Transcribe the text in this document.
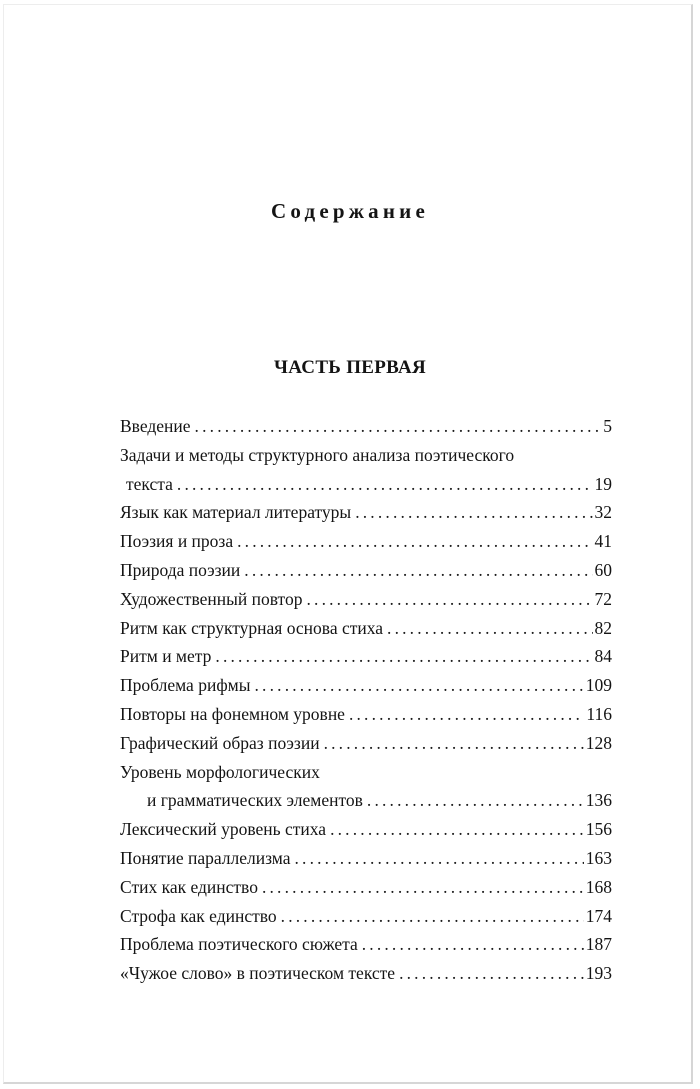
Содержание
ЧАСТЬ ПЕРВАЯ
Введение . . .	5
Задачи и методы структурного анализа поэтического
текста . . .	19
Язык как материал литературы . . .	32
Поэзия и проза . . .	41
Природа поэзии . . .	60
Художественный повтор . . .	72
Ритм как структурная основа стиха . . .	82
Ритм и метр . . .	84
Проблема рифмы . . .	109
Повторы на фонемном уровне . . .	116
Графический образ поэзии . . .	128
Уровень морфологических
и грамматических элементов . . .	136
Лексический уровень стиха . . .	156
Понятие параллелизма . . .	163
Стих как единство . . .	168
Строфа как единство . . .	174
Проблема поэтического сюжета . . .	187
«Чужое слово» в поэтическом тексте . . .	193
